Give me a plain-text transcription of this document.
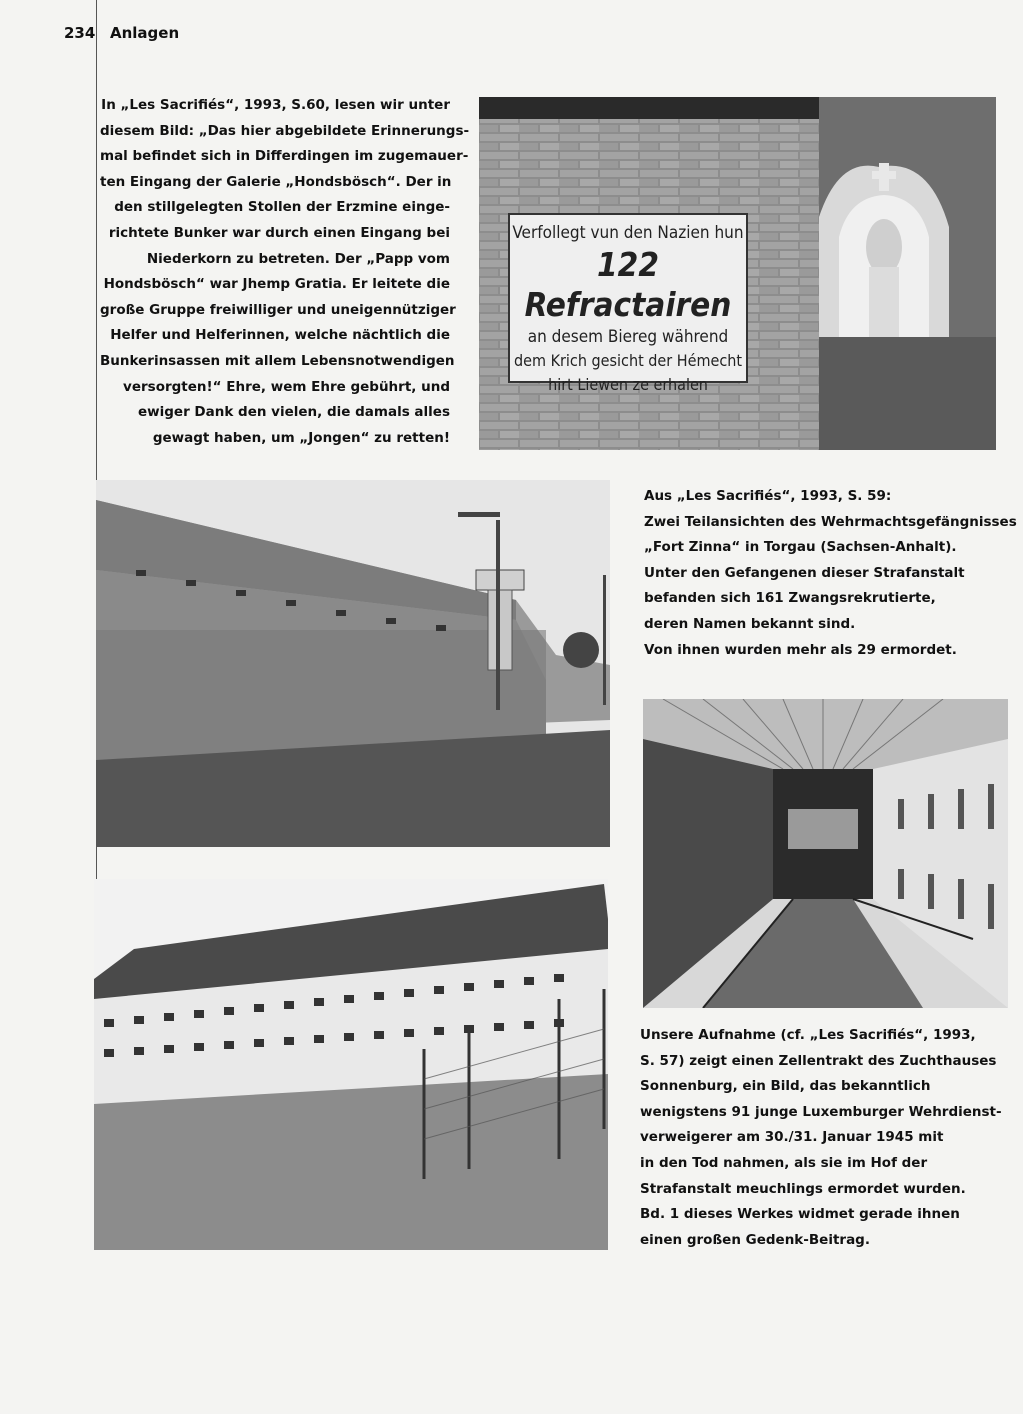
234 Anlagen
In „Les Sacrifiés“, 1993, S.60, lesen wir unter
diesem Bild: „Das hier abgebildete Erinnerungs-
mal befindet sich in Differdingen im zugemauer-
ten Eingang der Galerie „Hondsbösch“. Der in
den stillgelegten Stollen der Erzmine einge-
richtete Bunker war durch einen Eingang bei
Niederkorn zu betreten. Der „Papp vom
Hondsbösch“ war Jhemp Gratia. Er leitete die
große Gruppe freiwilliger und uneigennütziger
Helfer und Helferinnen, welche nächtlich die
Bunkerinsassen mit allem Lebensnotwendigen
versorgten!“ Ehre, wem Ehre gebührt, und
ewiger Dank den vielen, die damals alles
gewagt haben, um „Jongen“ zu retten!
Verfollegt vun den Nazien hun
122 Refractairen
an desem Biereg während
dem Krich gesicht der Hémecht
hirt Liewen ze erhalen
Aus „Les Sacrifiés“, 1993, S. 59:
Zwei Teilansichten des Wehrmachtsgefängnisses
„Fort Zinna“ in Torgau (Sachsen-Anhalt).
Unter den Gefangenen dieser Strafanstalt
befanden sich 161 Zwangsrekrutierte,
deren Namen bekannt sind.
Von ihnen wurden mehr als 29 ermordet.
Unsere Aufnahme (cf. „Les Sacrifiés“, 1993,
S. 57) zeigt einen Zellentrakt des Zuchthauses
Sonnenburg, ein Bild, das bekanntlich
wenigstens 91 junge Luxemburger Wehrdienst-
verweigerer am 30./31. Januar 1945 mit
in den Tod nahmen, als sie im Hof der
Strafanstalt meuchlings ermordet wurden.
Bd. 1 dieses Werkes widmet gerade ihnen
einen großen Gedenk-Beitrag.
